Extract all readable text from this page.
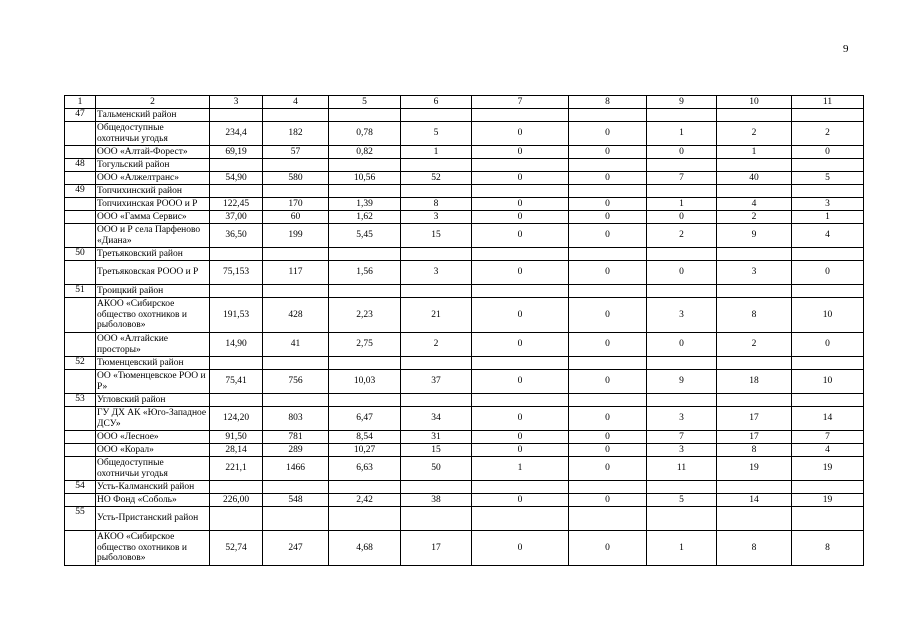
9
1	2	3	4	5	6	7	8	9	10	11
47	Тальменский район									
	Общедоступные охотничьи угодья	234,4	182	0,78	5	0	0	1	2	2
	ООО «Алтай-Форест»	69,19	57	0,82	1	0	0	0	1	0
48	Тогульский район									
	ООО «Алжелтранс»	54,90	580	10,56	52	0	0	7	40	5
49	Топчихинский район									
	Топчихинская РООО и Р	122,45	170	1,39	8	0	0	1	4	3
	ООО «Гамма Сервис»	37,00	60	1,62	3	0	0	0	2	1
	ООО и Р села Парфеново «Диана»	36,50	199	5,45	15	0	0	2	9	4
50	Третьяковский район									
	Третьяковская РООО и Р	75,153	117	1,56	3	0	0	0	3	0
51	Троицкий район									
	АКОО «Сибирское общество охотников и рыболовов»	191,53	428	2,23	21	0	0	3	8	10
	ООО «Алтайские просторы»	14,90	41	2,75	2	0	0	0	2	0
52	Тюменцевский район									
	ОО «Тюменцевское РОО и Р»	75,41	756	10,03	37	0	0	9	18	10
53	Угловский район									
	ГУ ДХ АК «Юго-Западное ДСУ»	124,20	803	6,47	34	0	0	3	17	14
	ООО «Лесное»	91,50	781	8,54	31	0	0	7	17	7
	ООО «Корал»	28,14	289	10,27	15	0	0	3	8	4
	Общедоступные охотничьи угодья	221,1	1466	6,63	50	1	0	11	19	19
54	Усть-Калманский район									
	НО Фонд «Соболь»	226,00	548	2,42	38	0	0	5	14	19
55	Усть-Пристанский район									
	АКОО «Сибирское общество охотников и рыболовов»	52,74	247	4,68	17	0	0	1	8	8
